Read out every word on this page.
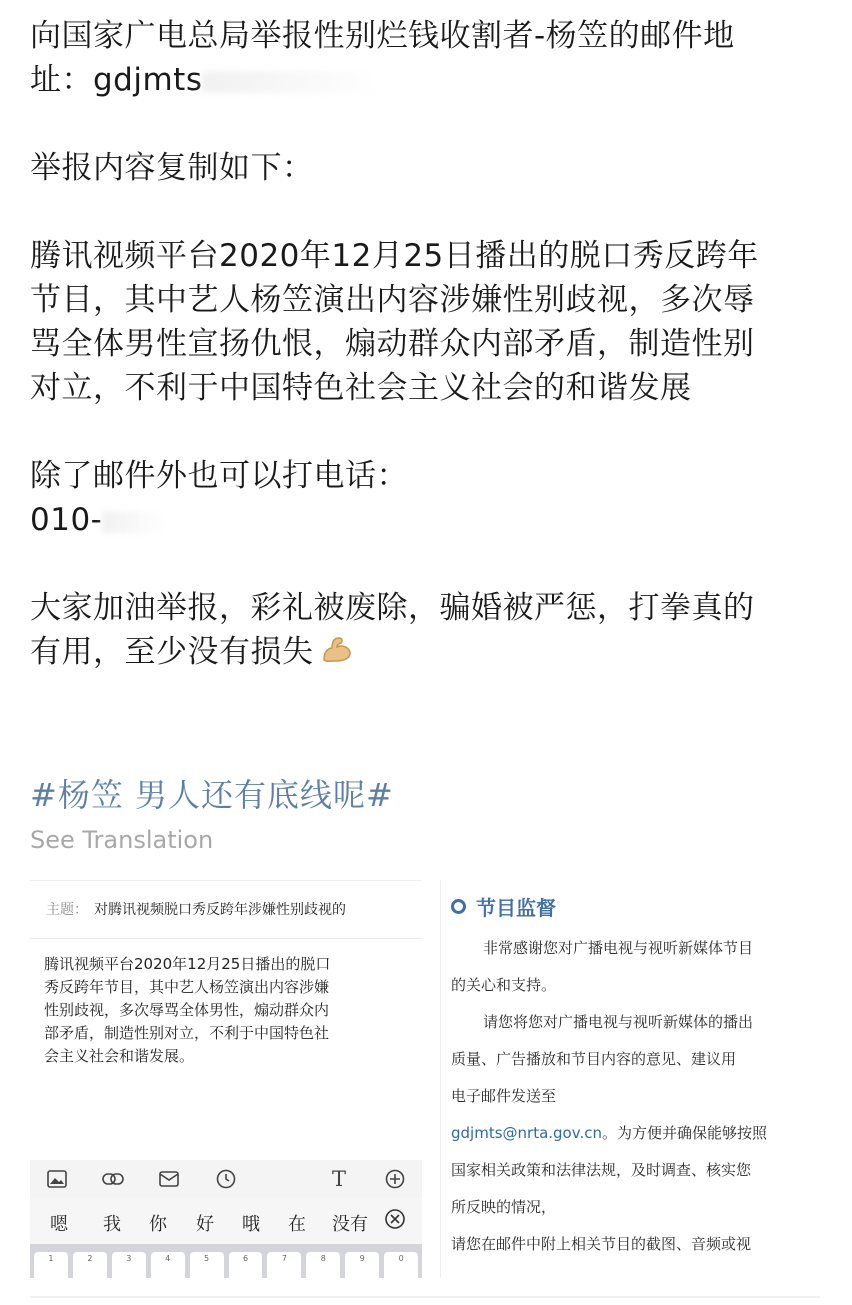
向国家广电总局举报性别烂钱收割者-杨笠的邮件地
址：gdjmts
举报内容复制如下：
腾讯视频平台2020年12月25日播出的脱口秀反跨年
节目，其中艺人杨笠演出内容涉嫌性别歧视，多次辱
骂全体男性宣扬仇恨，煽动群众内部矛盾，制造性别
对立，不利于中国特色社会主义社会的和谐发展
除了邮件外也可以打电话：
010-
大家加油举报，彩礼被废除，骗婚被严惩，打拳真的
有用，至少没有损失
#杨笠 男人还有底线呢#
See Translation
主题： 对腾讯视频脱口秀反跨年涉嫌性别歧视的
腾讯视频平台2020年12月25日播出的脱口
秀反跨年节目，其中艺人杨笠演出内容涉嫌
性别歧视，多次辱骂全体男性，煽动群众内
部矛盾，制造性别对立，不利于中国特色社
会主义社会和谐发展。
T
嗯 我 你 好 哦 在 没有
1	2	3	4	5	6	7	8	9	0
节目监督
非常感谢您对广播电视与视听新媒体节目
的关心和支持。
请您将您对广播电视与视听新媒体的播出
质量、广告播放和节目内容的意见、建议用
电子邮件发送至
gdjmts@nrta.gov.cn。为方便并确保能够按照
国家相关政策和法律法规，及时调查、核实您
所反映的情况，
请您在邮件中附上相关节目的截图、音频或视
